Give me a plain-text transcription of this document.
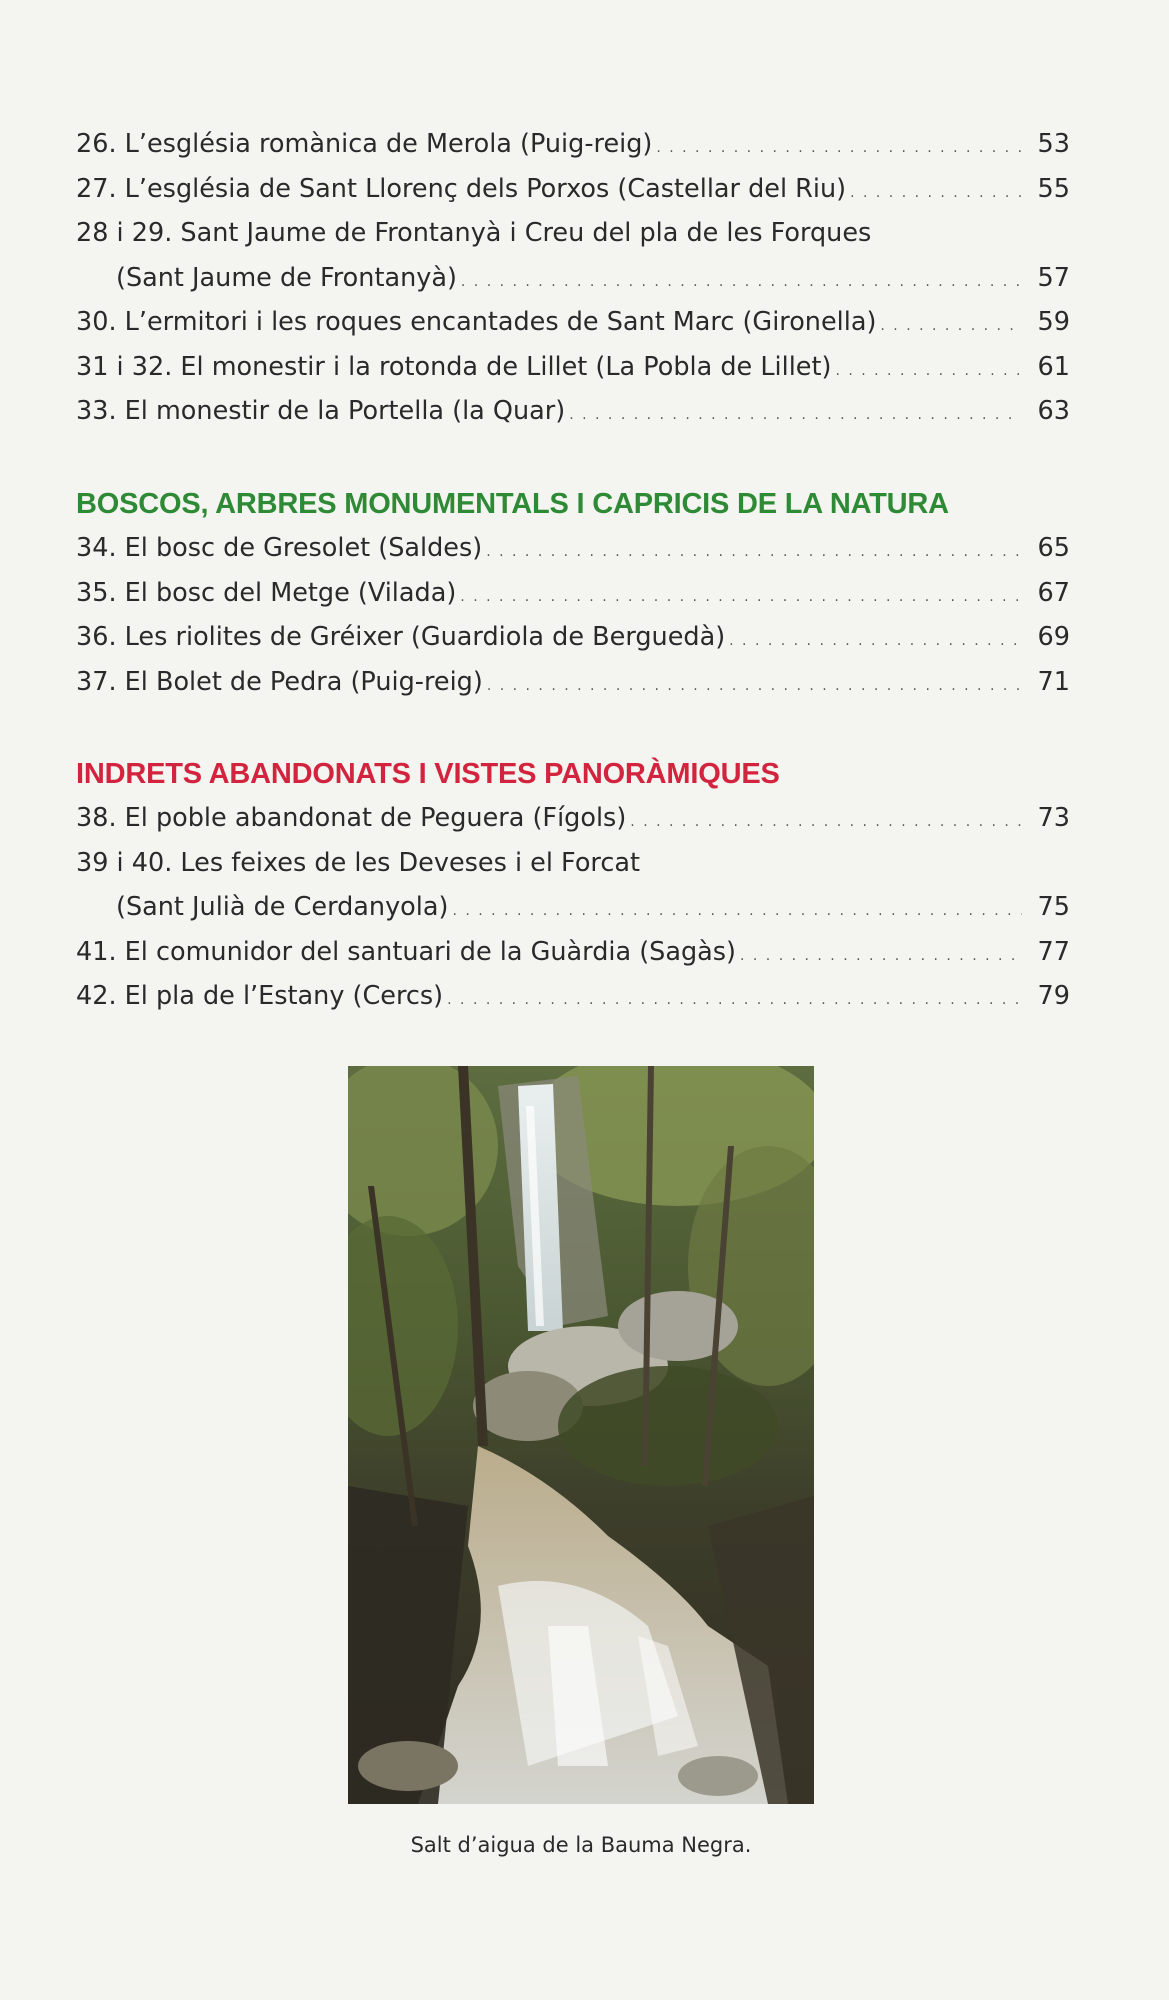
26. L’església romànica de Merola (Puig-reig) . . .	53
27. L’església de Sant Llorenç dels Porxos (Castellar del Riu) . . .	55
28 i 29. Sant Jaume de Frontanyà i Creu del pla de les Forques
(Sant Jaume de Frontanyà) . . .	57
30. L’ermitori i les roques encantades de Sant Marc (Gironella) . . .	59
31 i 32. El monestir i la rotonda de Lillet (La Pobla de Lillet) . . .	61
33. El monestir de la Portella (la Quar) . . .	63
BOSCOS, ARBRES MONUMENTALS I CAPRICIS DE LA NATURA
34. El bosc de Gresolet (Saldes) . . .	65
35. El bosc del Metge (Vilada) . . .	67
36. Les riolites de Gréixer (Guardiola de Berguedà) . . .	69
37. El Bolet de Pedra (Puig-reig) . . .	71
INDRETS ABANDONATS I VISTES PANORÀMIQUES
38. El poble abandonat de Peguera (Fígols) . . .	73
39 i 40. Les feixes de les Deveses i el Forcat
(Sant Julià de Cerdanyola) . . .	75
41. El comunidor del santuari de la Guàrdia (Sagàs) . . .	77
42. El pla de l’Estany (Cercs) . . .	79
Salt d’aigua de la Bauma Negra.
